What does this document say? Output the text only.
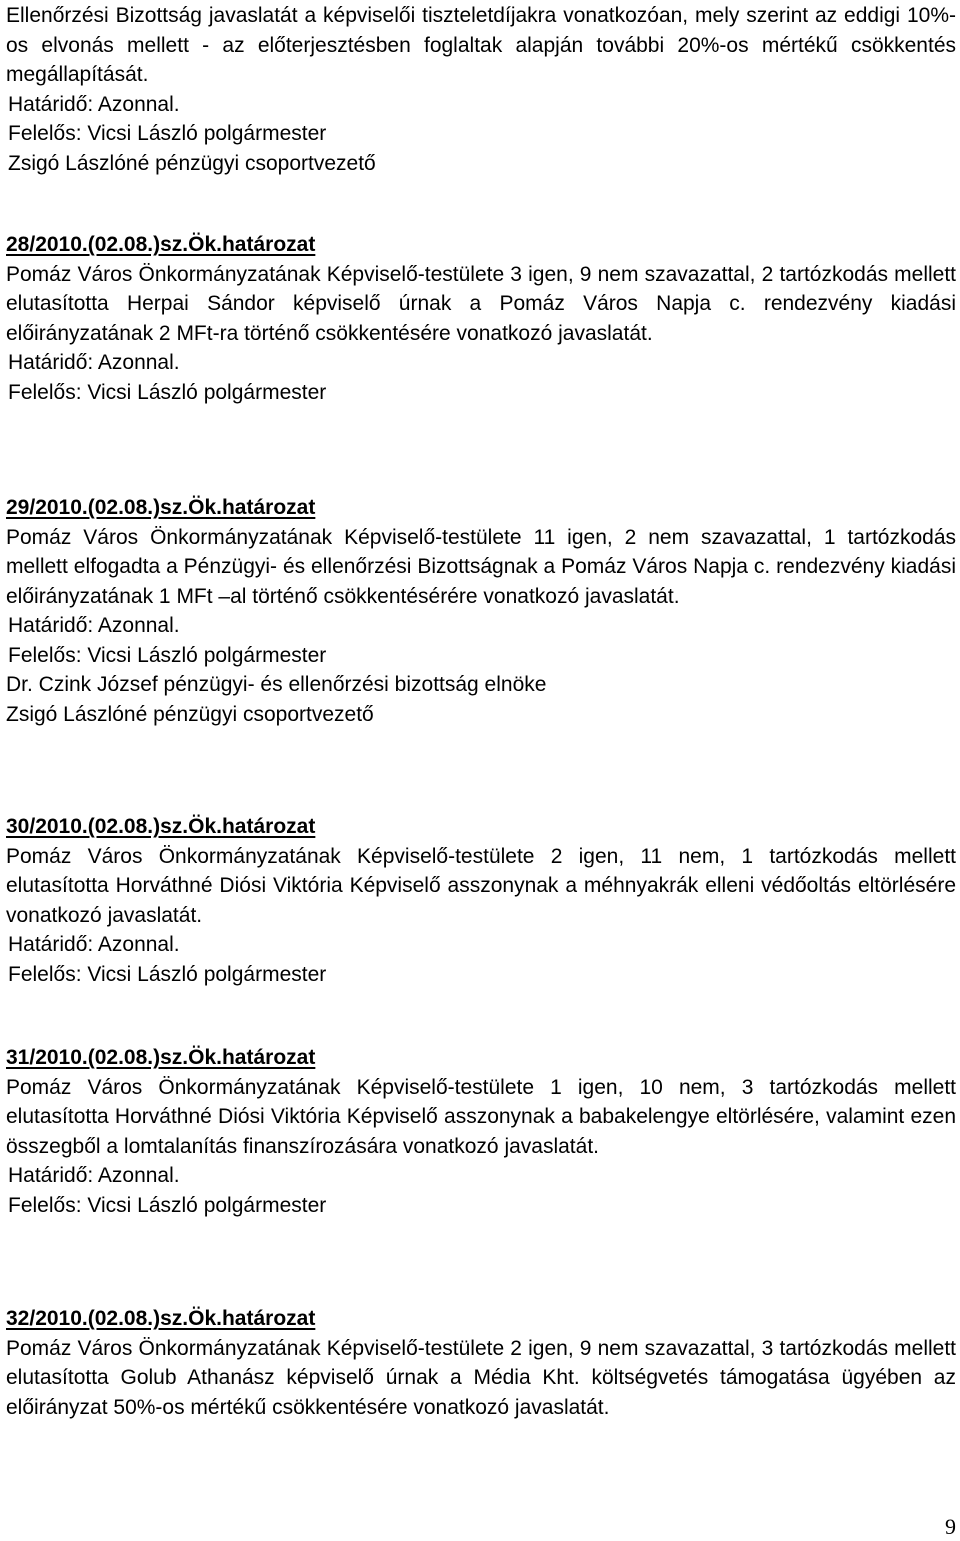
Ellenőrzési Bizottság javaslatát a képviselői tiszteletdíjakra vonatkozóan, mely szerint az eddigi 10%-os elvonás mellett - az előterjesztésben foglaltak alapján további 20%-os mértékű csökkentés megállapítását.

Határidő: Azonnal.
Felelős: Vicsi László polgármester
Zsigó Lászlóné pénzügyi csoportvezető
28/2010.(02.08.)sz.Ök.határozat

Pomáz Város Önkormányzatának Képviselő-testülete 3 igen, 9 nem szavazattal, 2 tartózkodás mellett elutasította Herpai Sándor képviselő úrnak a Pomáz Város Napja c. rendezvény kiadási előirányzatának 2 MFt-ra történő csökkentésére vonatkozó javaslatát.

Határidő: Azonnal.
Felelős: Vicsi László polgármester
29/2010.(02.08.)sz.Ök.határozat

Pomáz Város Önkormányzatának Képviselő-testülete 11 igen, 2 nem szavazattal, 1 tartózkodás mellett elfogadta a Pénzügyi- és ellenőrzési Bizottságnak a Pomáz Város Napja c. rendezvény kiadási előirányzatának 1 MFt –al történő csökkentésérére vonatkozó javaslatát.

Határidő: Azonnal.
Felelős: Vicsi László polgármester
Dr. Czink József pénzügyi- és ellenőrzési bizottság elnöke
Zsigó Lászlóné pénzügyi csoportvezető
30/2010.(02.08.)sz.Ök.határozat

Pomáz Város Önkormányzatának Képviselő-testülete 2 igen, 11 nem, 1 tartózkodás mellett elutasította Horváthné Diósi Viktória Képviselő asszonynak a méhnyakrák elleni védőoltás eltörlésére vonatkozó javaslatát.

Határidő: Azonnal.
Felelős: Vicsi László polgármester
31/2010.(02.08.)sz.Ök.határozat

Pomáz Város Önkormányzatának Képviselő-testülete 1 igen, 10 nem, 3 tartózkodás mellett elutasította Horváthné Diósi Viktória Képviselő asszonynak a babakelengye eltörlésére, valamint ezen összegből a lomtalanítás finanszírozására vonatkozó javaslatát.

Határidő: Azonnal.
Felelős: Vicsi László polgármester
32/2010.(02.08.)sz.Ök.határozat

Pomáz Város Önkormányzatának Képviselő-testülete 2 igen, 9 nem szavazattal, 3 tartózkodás mellett elutasította Golub Athanász képviselő úrnak a Média Kht. költségvetés támogatása ügyében az előirányzat 50%-os mértékű csökkentésére vonatkozó javaslatát.

9
